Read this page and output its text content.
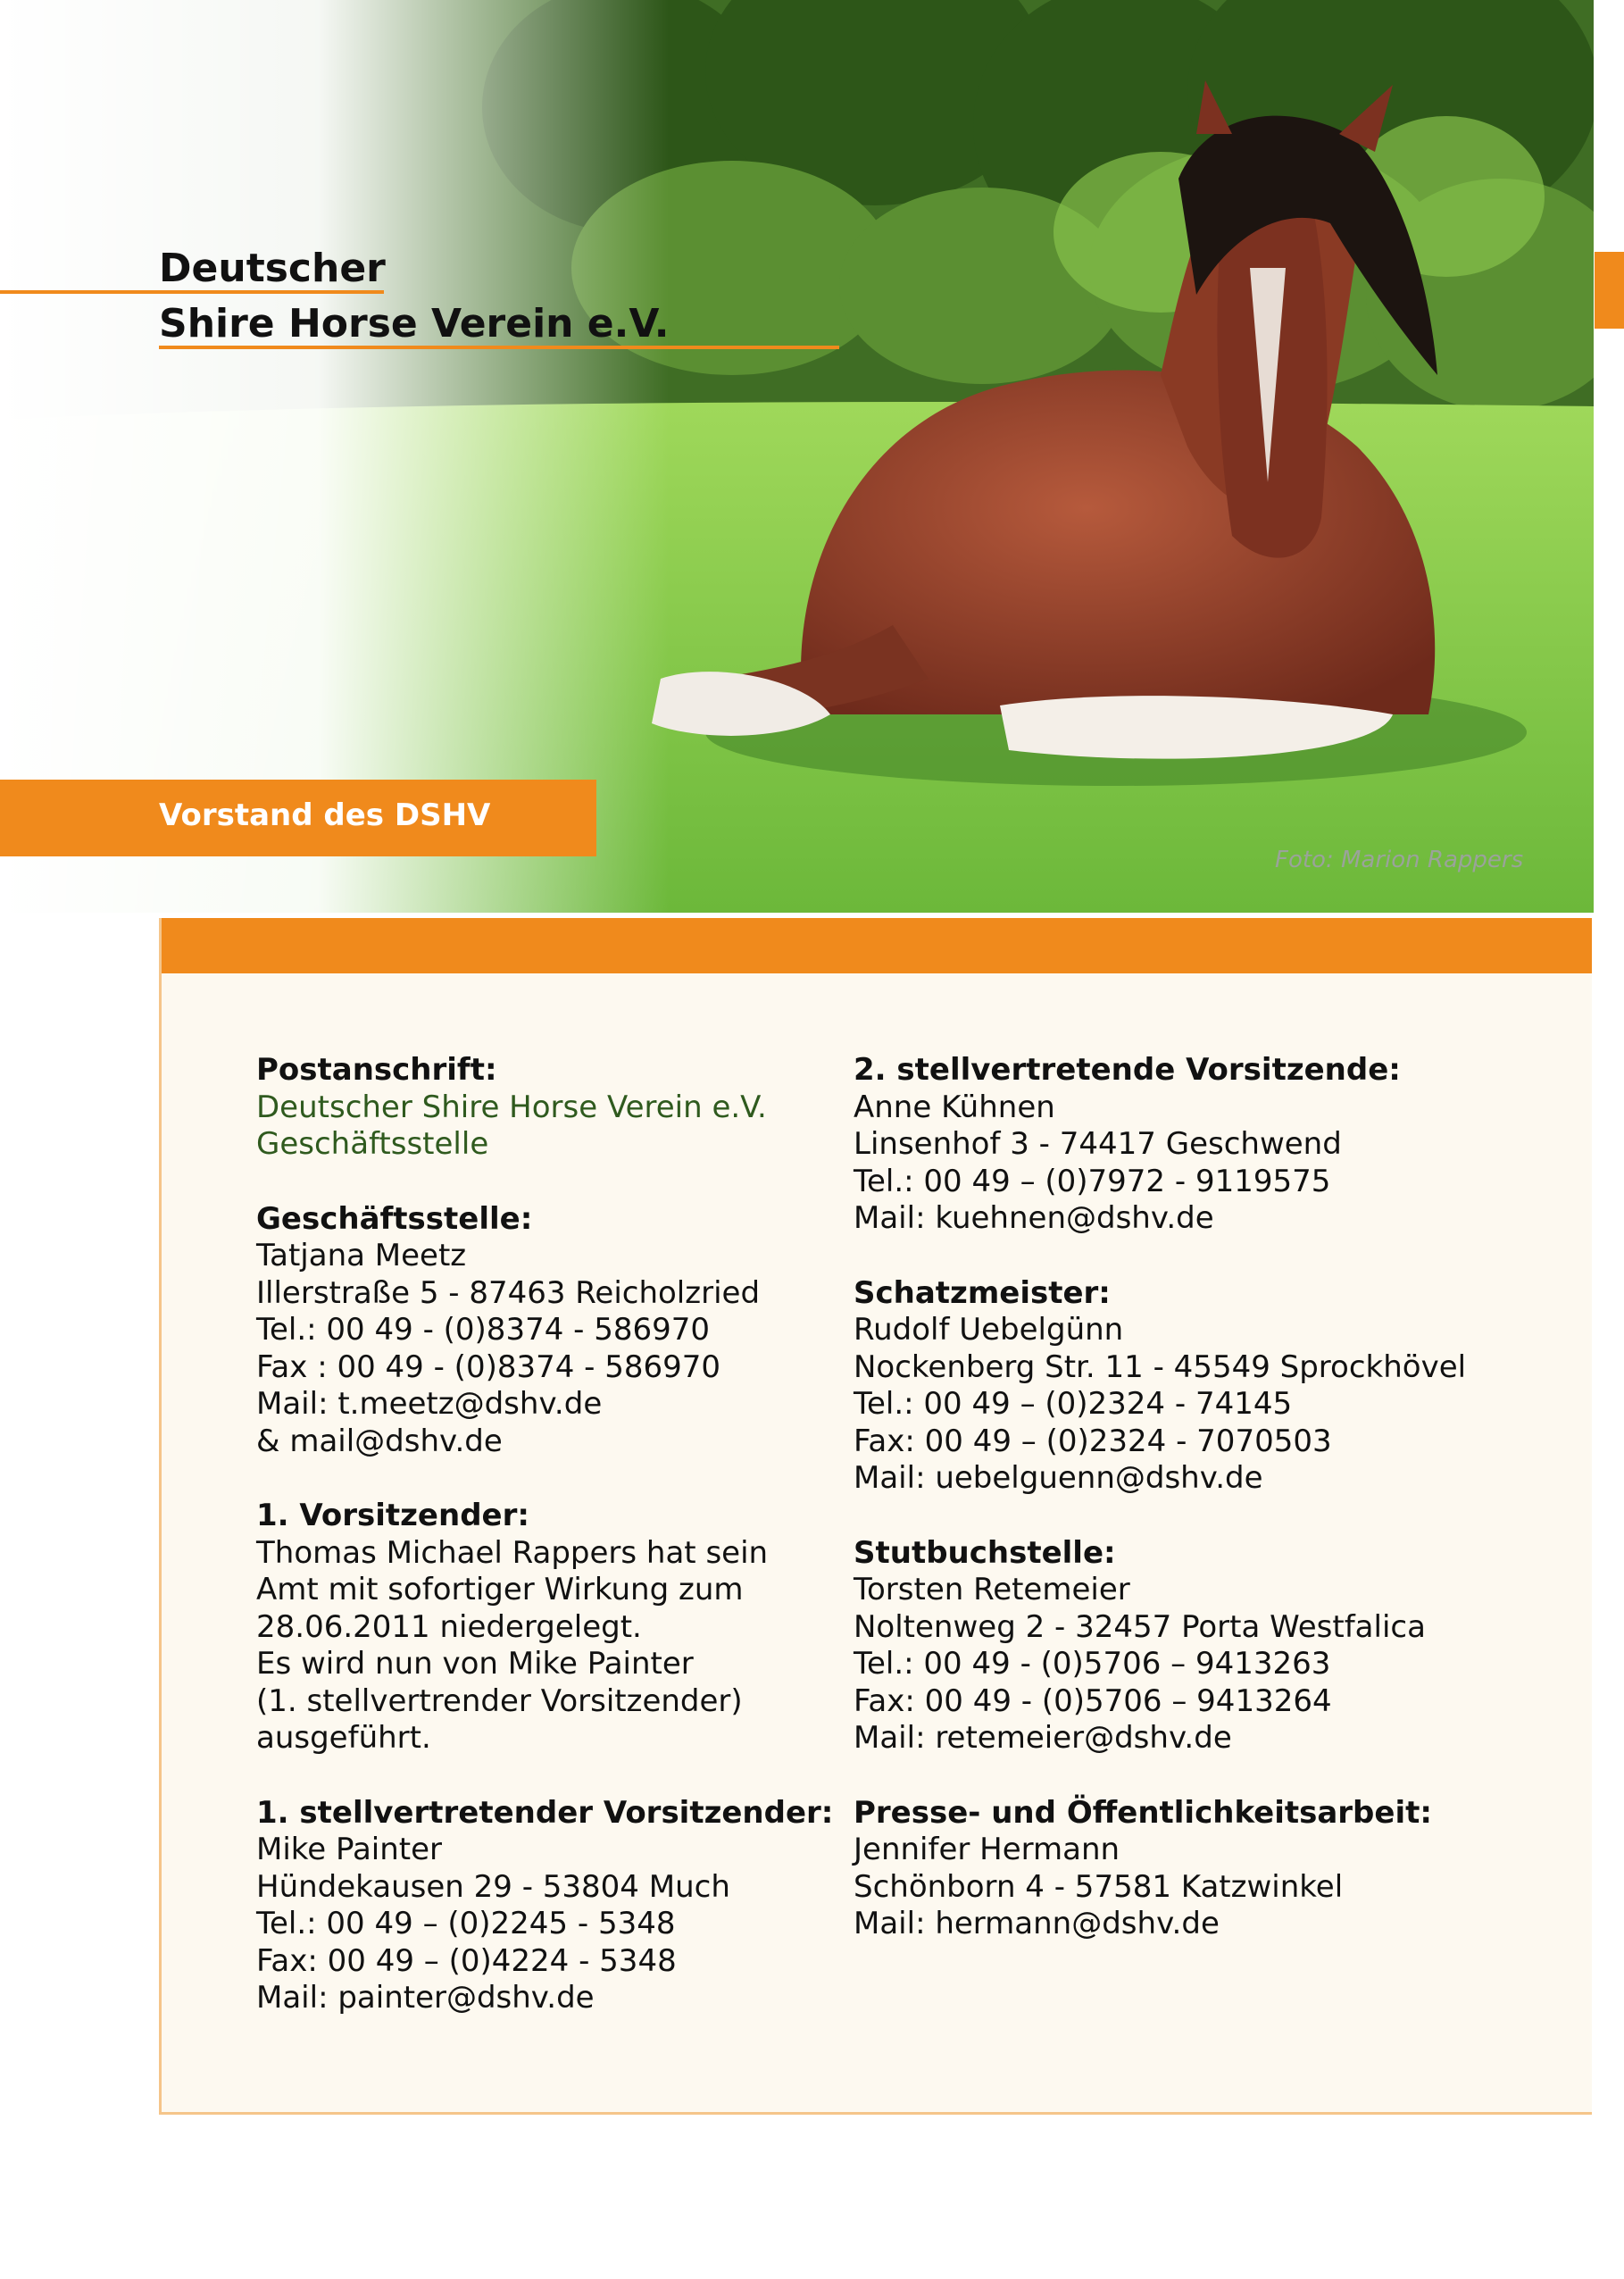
Deutscher
Shire Horse Verein e.V.
Vorstand des DSHV
Foto: Marion Rappers
Postanschrift:
Deutscher Shire Horse Verein e.V.
Geschäftsstelle
Geschäftsstelle:
Tatjana Meetz
Illerstraße 5 - 87463 Reicholzried
Tel.: 00 49 - (0)8374 - 586970
Fax : 00 49 - (0)8374 - 586970
Mail: t.meetz@dshv.de
& mail@dshv.de
1. Vorsitzender:
Thomas Michael Rappers hat sein
Amt mit sofortiger Wirkung zum
28.06.2011 niedergelegt.
Es wird nun von Mike Painter
(1. stellvertrender Vorsitzender)
ausgeführt.
1. stellvertretender Vorsitzender:
Mike Painter
Hündekausen 29 - 53804 Much
Tel.: 00 49 – (0)2245 - 5348
Fax: 00 49 – (0)4224 - 5348
Mail: painter@dshv.de
2. stellvertretende Vorsitzende:
Anne Kühnen
Linsenhof 3 - 74417 Geschwend
Tel.: 00 49 – (0)7972 - 9119575
Mail: kuehnen@dshv.de
Schatzmeister:
Rudolf Uebelgünn
Nockenberg Str. 11 - 45549 Sprockhövel
Tel.: 00 49 – (0)2324 - 74145
Fax: 00 49 – (0)2324 - 7070503
Mail: uebelguenn@dshv.de
Stutbuchstelle:
Torsten Retemeier
Noltenweg 2 - 32457 Porta Westfalica
Tel.: 00 49 - (0)5706 – 9413263
Fax: 00 49 - (0)5706 – 9413264
Mail: retemeier@dshv.de
Presse- und Öffentlichkeitsarbeit:
Jennifer Hermann
Schönborn 4 - 57581 Katzwinkel
Mail: hermann@dshv.de
